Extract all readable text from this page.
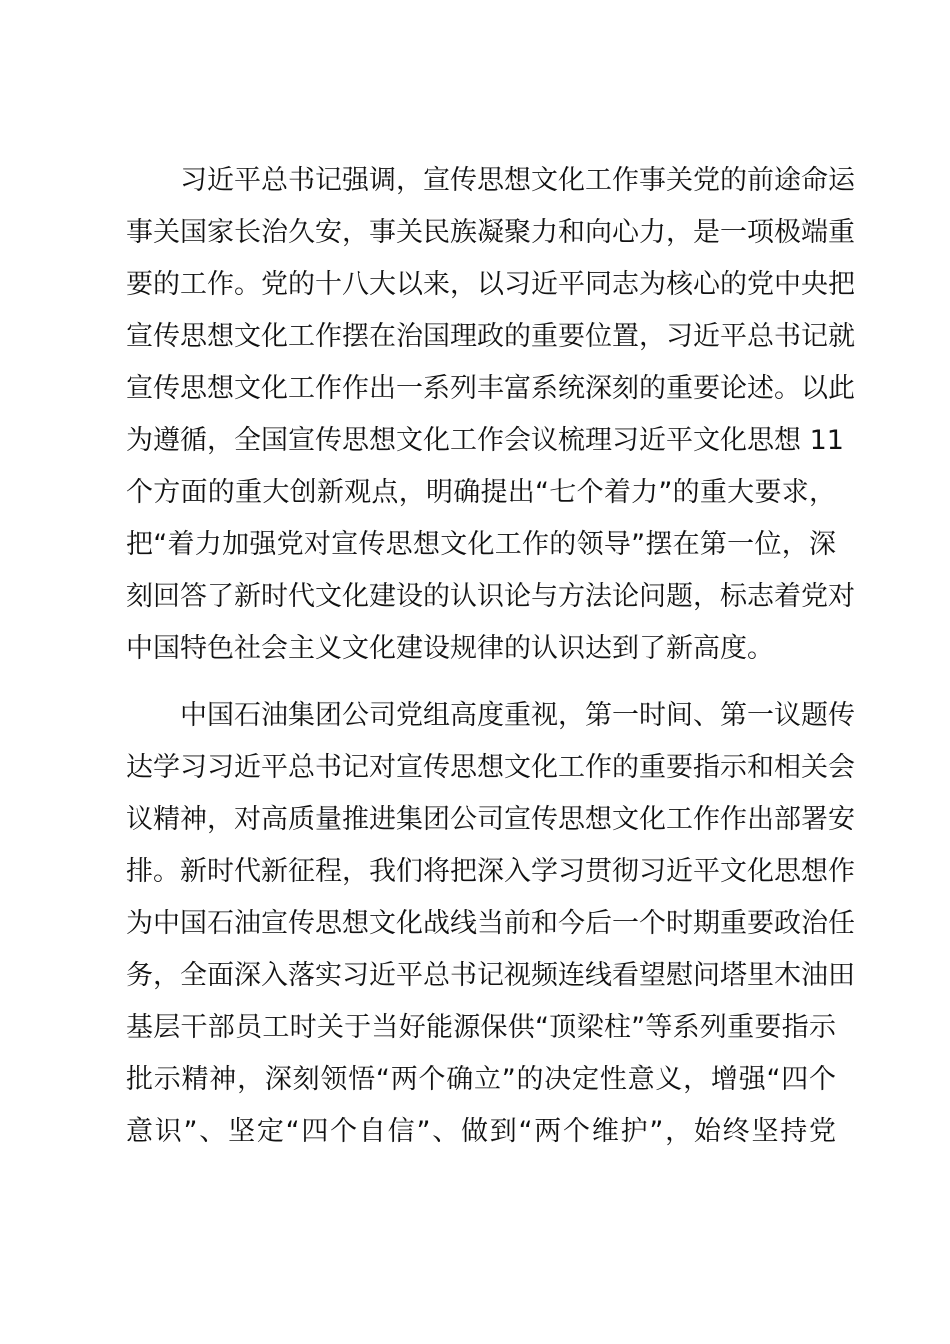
习近平总书记强调，宣传思想文化工作事关党的前途命运
事关国家长治久安，事关民族凝聚力和向心力，是一项极端重
要的工作。党的十八大以来，以习近平同志为核心的党中央把
宣传思想文化工作摆在治国理政的重要位置，习近平总书记就
宣传思想文化工作作出一系列丰富系统深刻的重要论述。以此
为遵循，全国宣传思想文化工作会议梳理习近平文化思想 11
个方面的重大创新观点，明确提出“七个着力”的重大要求，
把“着力加强党对宣传思想文化工作的领导”摆在第一位，深
刻回答了新时代文化建设的认识论与方法论问题，标志着党对
中国特色社会主义文化建设规律的认识达到了新高度。
中国石油集团公司党组高度重视，第一时间、第一议题传
达学习习近平总书记对宣传思想文化工作的重要指示和相关会
议精神，对高质量推进集团公司宣传思想文化工作作出部署安
排。新时代新征程，我们将把深入学习贯彻习近平文化思想作
为中国石油宣传思想文化战线当前和今后一个时期重要政治任
务，全面深入落实习近平总书记视频连线看望慰问塔里木油田
基层干部员工时关于当好能源保供“顶梁柱”等系列重要指示
批示精神，深刻领悟“两个确立”的决定性意义，增强“四个
意识”、坚定“四个自信”、做到“两个维护”，始终坚持党
